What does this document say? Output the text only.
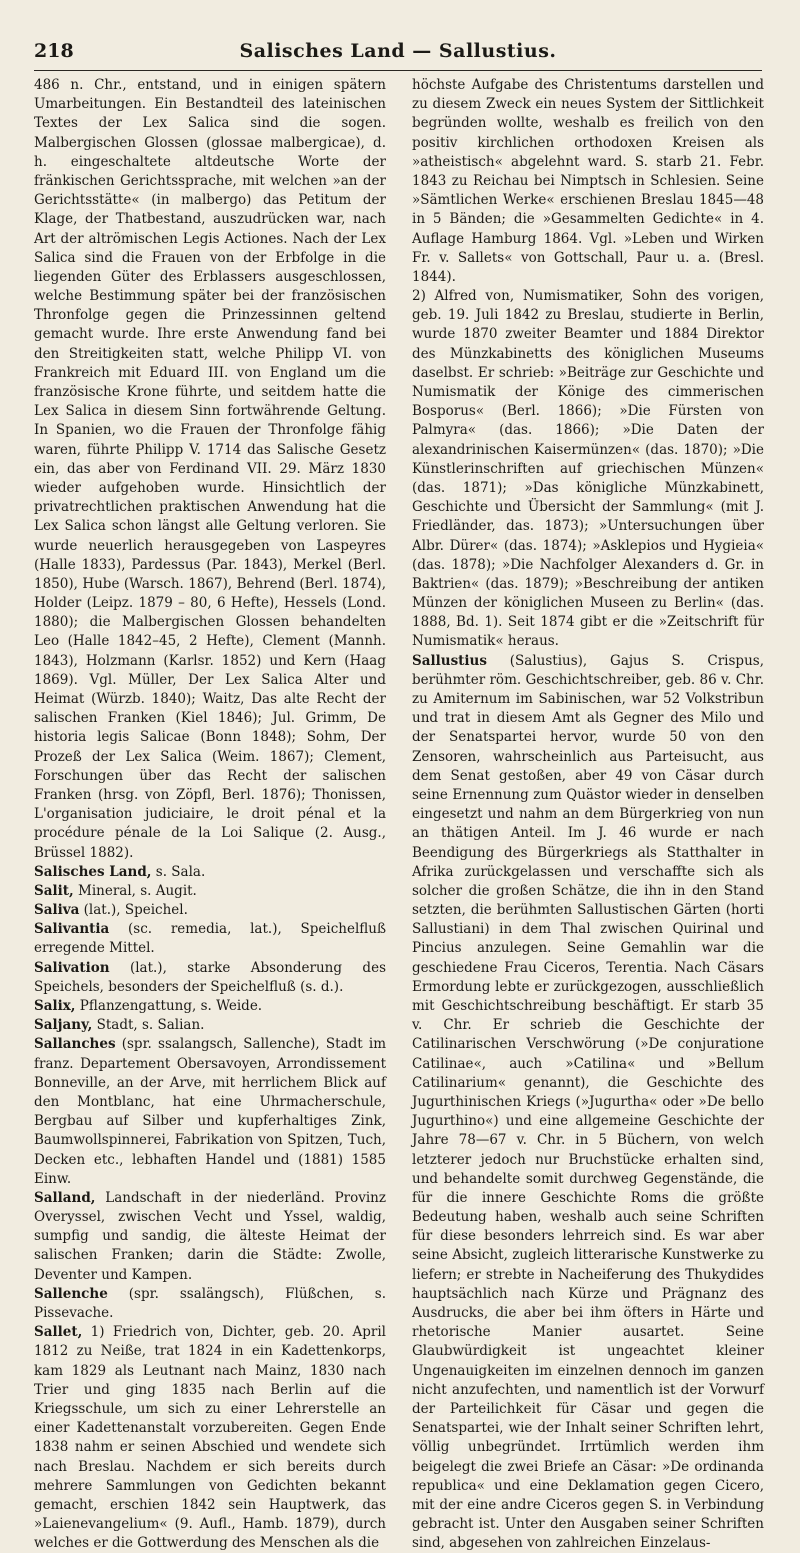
218	Salisches Land — Sallustius.

486 n. Chr., entstand, und in einigen spätern Umarbeitungen. Ein Bestandteil des lateinischen Textes der Lex Salica sind die sogen. Malbergischen Glossen (glossae malbergicae), d. h. eingeschaltete altdeutsche Worte der fränkischen Gerichtssprache, mit welchen »an der Gerichtsstätte« (in malbergo) das Petitum der Klage, der Thatbestand, auszudrücken war, nach Art der altrömischen Legis Actiones. Nach der Lex Salica sind die Frauen von der Erbfolge in die liegenden Güter des Erblassers ausgeschlossen, welche Bestimmung später bei der französischen Thronfolge gegen die Prinzessinnen geltend gemacht wurde. Ihre erste Anwendung fand bei den Streitigkeiten statt, welche Philipp VI. von Frankreich mit Eduard III. von England um die französische Krone führte, und seitdem hatte die Lex Salica in diesem Sinn fortwährende Geltung. In Spanien, wo die Frauen der Thronfolge fähig waren, führte Philipp V. 1714 das Salische Gesetz ein, das aber von Ferdinand VII. 29. März 1830 wieder aufgehoben wurde. Hinsichtlich der privatrechtlichen praktischen Anwendung hat die Lex Salica schon längst alle Geltung verloren. Sie wurde neuerlich herausgegeben von Laspeyres (Halle 1833), Pardessus (Par. 1843), Merkel (Berl. 1850), Hube (Warsch. 1867), Behrend (Berl. 1874), Holder (Leipz. 1879 – 80, 6 Hefte), Hessels (Lond. 1880); die Malbergischen Glossen behandelten Leo (Halle 1842–45, 2 Hefte), Clement (Mannh. 1843), Holzmann (Karlsr. 1852) und Kern (Haag 1869). Vgl. Müller, Der Lex Salica Alter und Heimat (Würzb. 1840); Waitz, Das alte Recht der salischen Franken (Kiel 1846); Jul. Grimm, De historia legis Salicae (Bonn 1848); Sohm, Der Prozeß der Lex Salica (Weim. 1867); Clement, Forschungen über das Recht der salischen Franken (hrsg. von Zöpfl, Berl. 1876); Thonissen, L'organisation judiciaire, le droit pénal et la procédure pénale de la Loi Salique (2. Ausg., Brüssel 1882).

Salisches Land, s. Sala.

Salit, Mineral, s. Augit.

Saliva (lat.), Speichel.

Salivantia (sc. remedia, lat.), Speichelfluß erregende Mittel.

Salivation (lat.), starke Absonderung des Speichels, besonders der Speichelfluß (s. d.).

Salix, Pflanzengattung, s. Weide.

Saljany, Stadt, s. Salian.

Sallanches (spr. ssalangsch, Sallenche), Stadt im franz. Departement Obersavoyen, Arrondissement Bonneville, an der Arve, mit herrlichem Blick auf den Montblanc, hat eine Uhrmacherschule, Bergbau auf Silber und kupferhaltiges Zink, Baumwollspinnerei, Fabrikation von Spitzen, Tuch, Decken etc., lebhaften Handel und (1881) 1585 Einw.

Salland, Landschaft in der niederländ. Provinz Overyssel, zwischen Vecht und Yssel, waldig, sumpfig und sandig, die älteste Heimat der salischen Franken; darin die Städte: Zwolle, Deventer und Kampen.

Sallenche (spr. ssalängsch), Flüßchen, s. Pissevache.

Sallet, 1) Friedrich von, Dichter, geb. 20. April 1812 zu Neiße, trat 1824 in ein Kadettenkorps, kam 1829 als Leutnant nach Mainz, 1830 nach Trier und ging 1835 nach Berlin auf die Kriegsschule, um sich zu einer Lehrerstelle an einer Kadettenanstalt vorzubereiten. Gegen Ende 1838 nahm er seinen Abschied und wendete sich nach Breslau. Nachdem er sich bereits durch mehrere Sammlungen von Gedichten bekannt gemacht, erschien 1842 sein Hauptwerk, das »Laienevangelium« (9. Aufl., Hamb. 1879), durch welches er die Gottwerdung des Menschen als die

höchste Aufgabe des Christentums darstellen und zu diesem Zweck ein neues System der Sittlichkeit begründen wollte, weshalb es freilich von den positiv kirchlichen orthodoxen Kreisen als »atheistisch« abgelehnt ward. S. starb 21. Febr. 1843 zu Reichau bei Nimptsch in Schlesien. Seine »Sämtlichen Werke« erschienen Breslau 1845—48 in 5 Bänden; die »Gesammelten Gedichte« in 4. Auflage Hamburg 1864. Vgl. »Leben und Wirken Fr. v. Sallets« von Gottschall, Paur u. a. (Bresl. 1844).

2) Alfred von, Numismatiker, Sohn des vorigen, geb. 19. Juli 1842 zu Breslau, studierte in Berlin, wurde 1870 zweiter Beamter und 1884 Direktor des Münzkabinetts des königlichen Museums daselbst. Er schrieb: »Beiträge zur Geschichte und Numismatik der Könige des cimmerischen Bosporus« (Berl. 1866); »Die Fürsten von Palmyra« (das. 1866); »Die Daten der alexandrinischen Kaisermünzen« (das. 1870); »Die Künstlerinschriften auf griechischen Münzen« (das. 1871); »Das königliche Münzkabinett, Geschichte und Übersicht der Sammlung« (mit J. Friedländer, das. 1873); »Untersuchungen über Albr. Dürer« (das. 1874); »Asklepios und Hygieia« (das. 1878); »Die Nachfolger Alexanders d. Gr. in Baktrien« (das. 1879); »Beschreibung der antiken Münzen der königlichen Museen zu Berlin« (das. 1888, Bd. 1). Seit 1874 gibt er die »Zeitschrift für Numismatik« heraus.

Sallustius (Salustius), Gajus S. Crispus, berühmter röm. Geschichtschreiber, geb. 86 v. Chr. zu Amiternum im Sabinischen, war 52 Volkstribun und trat in diesem Amt als Gegner des Milo und der Senatspartei hervor, wurde 50 von den Zensoren, wahrscheinlich aus Parteisucht, aus dem Senat gestoßen, aber 49 von Cäsar durch seine Ernennung zum Quästor wieder in denselben eingesetzt und nahm an dem Bürgerkrieg von nun an thätigen Anteil. Im J. 46 wurde er nach Beendigung des Bürgerkriegs als Statthalter in Afrika zurückgelassen und verschaffte sich als solcher die großen Schätze, die ihn in den Stand setzten, die berühmten Sallustischen Gärten (horti Sallustiani) in dem Thal zwischen Quirinal und Pincius anzulegen. Seine Gemahlin war die geschiedene Frau Ciceros, Terentia. Nach Cäsars Ermordung lebte er zurückgezogen, ausschließlich mit Geschichtschreibung beschäftigt. Er starb 35 v. Chr. Er schrieb die Geschichte der Catilinarischen Verschwörung (»De conjuratione Catilinae«, auch »Catilina« und »Bellum Catilinarium« genannt), die Geschichte des Jugurthinischen Kriegs (»Jugurtha« oder »De bello Jugurthino«) und eine allgemeine Geschichte der Jahre 78—67 v. Chr. in 5 Büchern, von welch letzterer jedoch nur Bruchstücke erhalten sind, und behandelte somit durchweg Gegenstände, die für die innere Geschichte Roms die größte Bedeutung haben, weshalb auch seine Schriften für diese besonders lehrreich sind. Es war aber seine Absicht, zugleich litterarische Kunstwerke zu liefern; er strebte in Nacheiferung des Thukydides hauptsächlich nach Kürze und Prägnanz des Ausdrucks, die aber bei ihm öfters in Härte und rhetorische Manier ausartet. Seine Glaubwürdigkeit ist ungeachtet kleiner Ungenauigkeiten im einzelnen dennoch im ganzen nicht anzufechten, und namentlich ist der Vorwurf der Parteilichkeit für Cäsar und gegen die Senatspartei, wie der Inhalt seiner Schriften lehrt, völlig unbegründet. Irrtümlich werden ihm beigelegt die zwei Briefe an Cäsar: »De ordinanda republica« und eine Deklamation gegen Cicero, mit der eine andre Ciceros gegen S. in Verbindung gebracht ist. Unter den Ausgaben seiner Schriften sind, abgesehen von zahlreichen Einzelaus-
